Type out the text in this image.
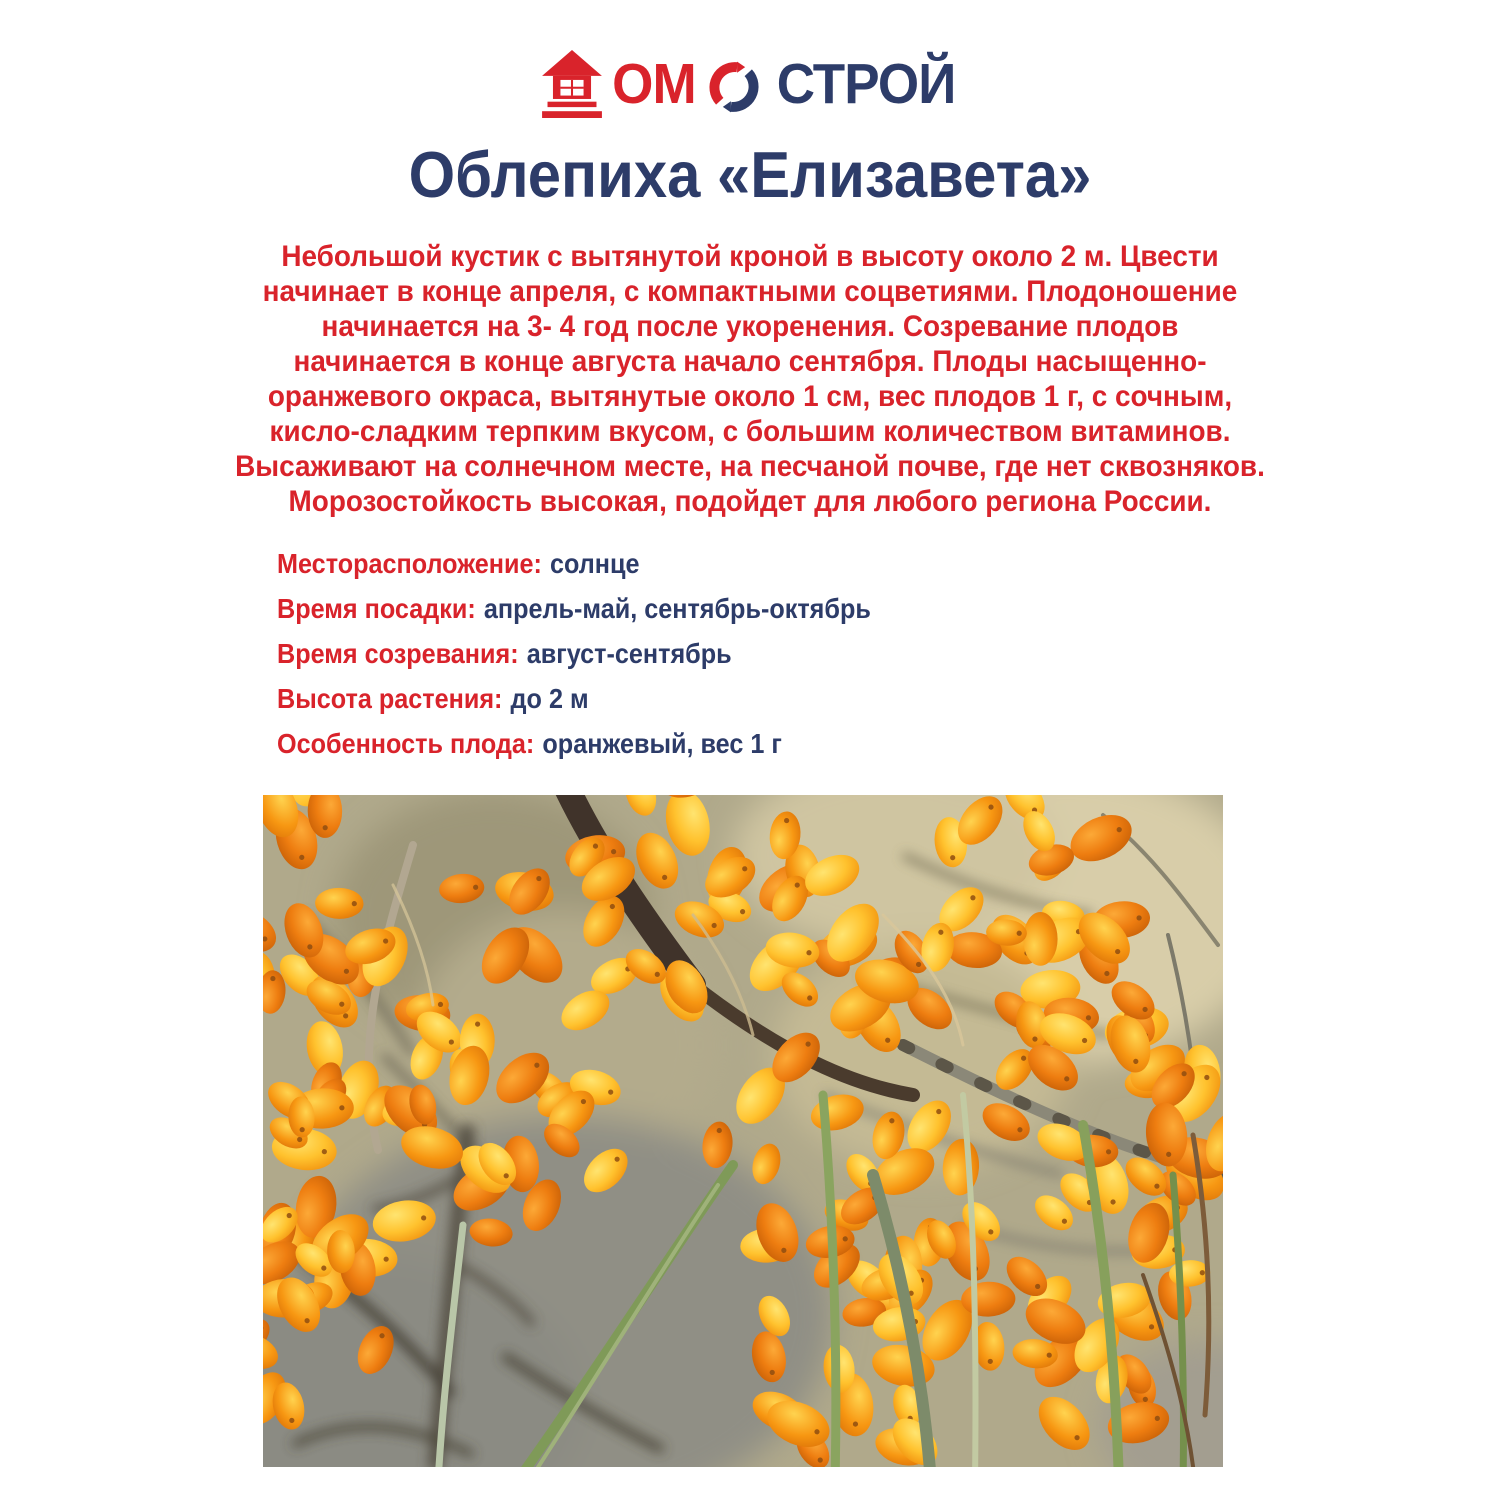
ОМ СТРОЙ
Облепиха «Елизавета»
Небольшой кустик с вытянутой кроной в высоту около 2 м. Цвести
начинает в конце апреля, с компактными соцветиями. Плодоношение
начинается на 3- 4 год после укоренения. Созревание плодов
начинается в конце августа начало сентября. Плоды насыщенно-
оранжевого окраса, вытянутые около 1 см, вес плодов 1 г, с сочным,
кисло-сладким терпким вкусом, с большим количеством витаминов.
Высаживают на солнечном месте, на песчаной почве, где нет сквозняков.
Морозостойкость высокая, подойдет для любого региона России.
Месторасположение: солнце
Время посадки: апрель-май, сентябрь-октябрь
Время созревания: август-сентябрь
Высота растения: до 2 м
Особенность плода: оранжевый, вес 1 г
